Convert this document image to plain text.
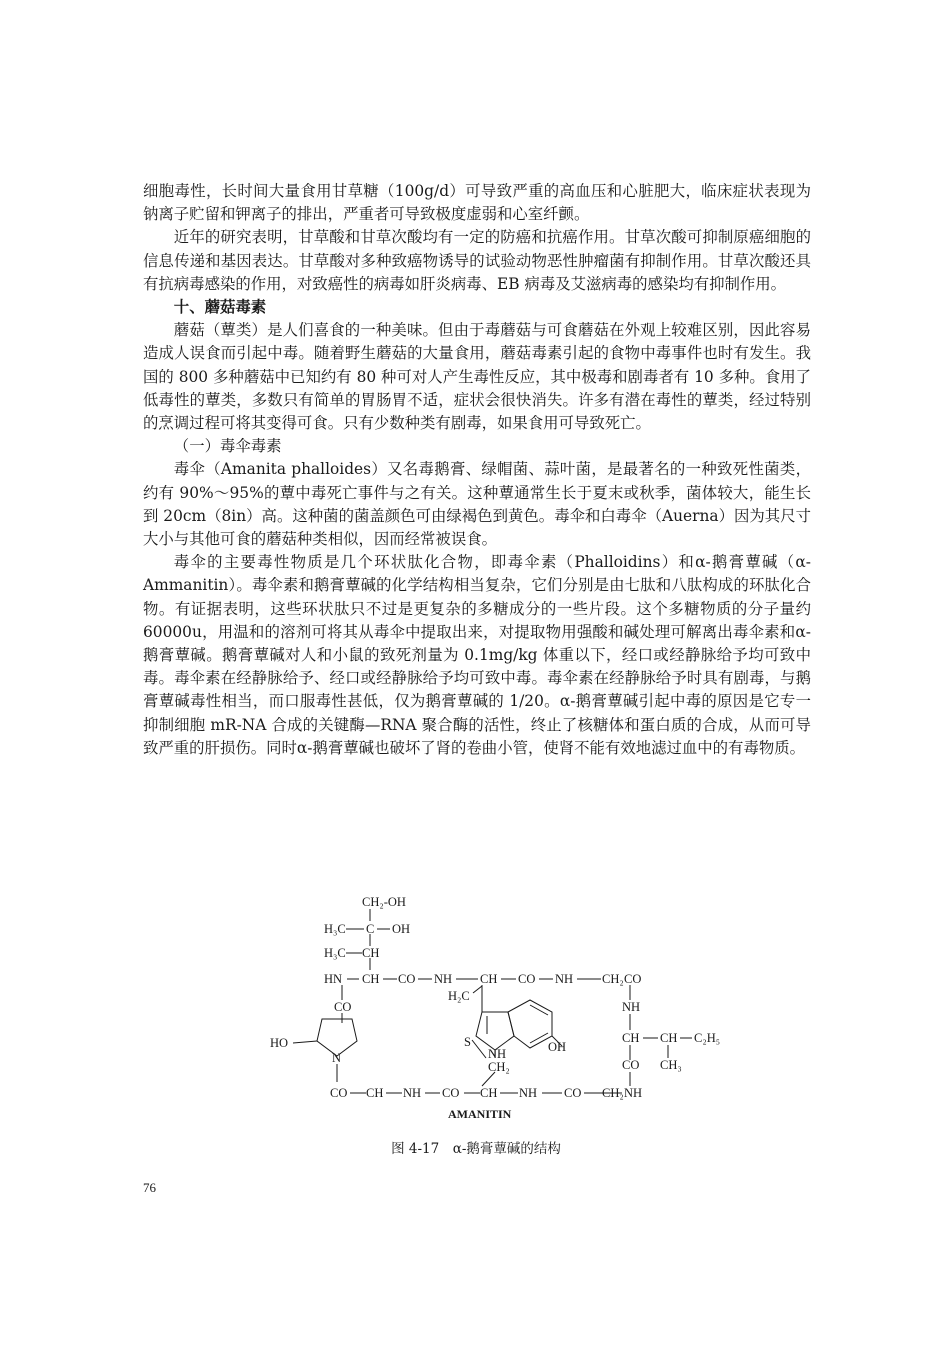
细胞毒性，长时间大量食用甘草糖（100g/d）可导致严重的高血压和心脏肥大，临床症状表现为钠离子贮留和钾离子的排出，严重者可导致极度虚弱和心室纤颤。

近年的研究表明，甘草酸和甘草次酸均有一定的防癌和抗癌作用。甘草次酸可抑制原癌细胞的信息传递和基因表达。甘草酸对多种致癌物诱导的试验动物恶性肿瘤菌有抑制作用。甘草次酸还具有抗病毒感染的作用，对致癌性的病毒如肝炎病毒、EB 病毒及艾滋病毒的感染均有抑制作用。

十、蘑菇毒素

蘑菇（蕈类）是人们喜食的一种美味。但由于毒蘑菇与可食蘑菇在外观上较难区别，因此容易造成人误食而引起中毒。随着野生蘑菇的大量食用，蘑菇毒素引起的食物中毒事件也时有发生。我国的 800 多种蘑菇中已知约有 80 种可对人产生毒性反应，其中极毒和剧毒者有 10 多种。食用了低毒性的蕈类，多数只有简单的胃肠胃不适，症状会很快消失。许多有潜在毒性的蕈类，经过特别的烹调过程可将其变得可食。只有少数种类有剧毒，如果食用可导致死亡。

（一）毒伞毒素

毒伞（Amanita phalloides）又名毒鹅膏、绿帽菌、蒜叶菌，是最著名的一种致死性菌类，约有 90%～95%的蕈中毒死亡事件与之有关。这种蕈通常生长于夏末或秋季，菌体较大，能生长到 20cm（8in）高。这种菌的菌盖颜色可由绿褐色到黄色。毒伞和白毒伞（Auerna）因为其尺寸大小与其他可食的蘑菇种类相似，因而经常被误食。

毒伞的主要毒性物质是几个环状肽化合物，即毒伞素（Phalloidins）和α-鹅膏蕈碱（α-Ammanitin）。毒伞素和鹅膏蕈碱的化学结构相当复杂，它们分别是由七肽和八肽构成的环肽化合物。有证据表明，这些环状肽只不过是更复杂的多糖成分的一些片段。这个多糖物质的分子量约 60000u，用温和的溶剂可将其从毒伞中提取出来，对提取物用强酸和碱处理可解离出毒伞素和α-鹅膏蕈碱。鹅膏蕈碱对人和小鼠的致死剂量为 0.1mg/kg 体重以下，经口或经静脉给予均可致中毒。毒伞素在经静脉给予、经口或经静脉给予均可致中毒。毒伞素在经静脉给予时具有剧毒，与鹅膏蕈碱毒性相当，而口服毒性甚低，仅为鹅膏蕈碱的 1/20。α-鹅膏蕈碱引起中毒的原因是它专一抑制细胞 mR-NA 合成的关键酶—RNA 聚合酶的活性，终止了核糖体和蛋白质的合成，从而可导致严重的肝损伤。同时α-鹅膏蕈碱也破坏了肾的卷曲小管，使肾不能有效地滤过血中的有毒物质。

CH₂-OH
H₃C C OH
H₃C CH
HN CH CO NH CH CO NH CH₂ CO
CO
H₂C
NH
HO
N
S
NH	OH
CH CH C₂H₅
CH₂	CO CH₃
CO CH NH CO CH NH CO CH₂ NH
AMANITIN

图 4-17　α-鹅膏蕈碱的结构

76
